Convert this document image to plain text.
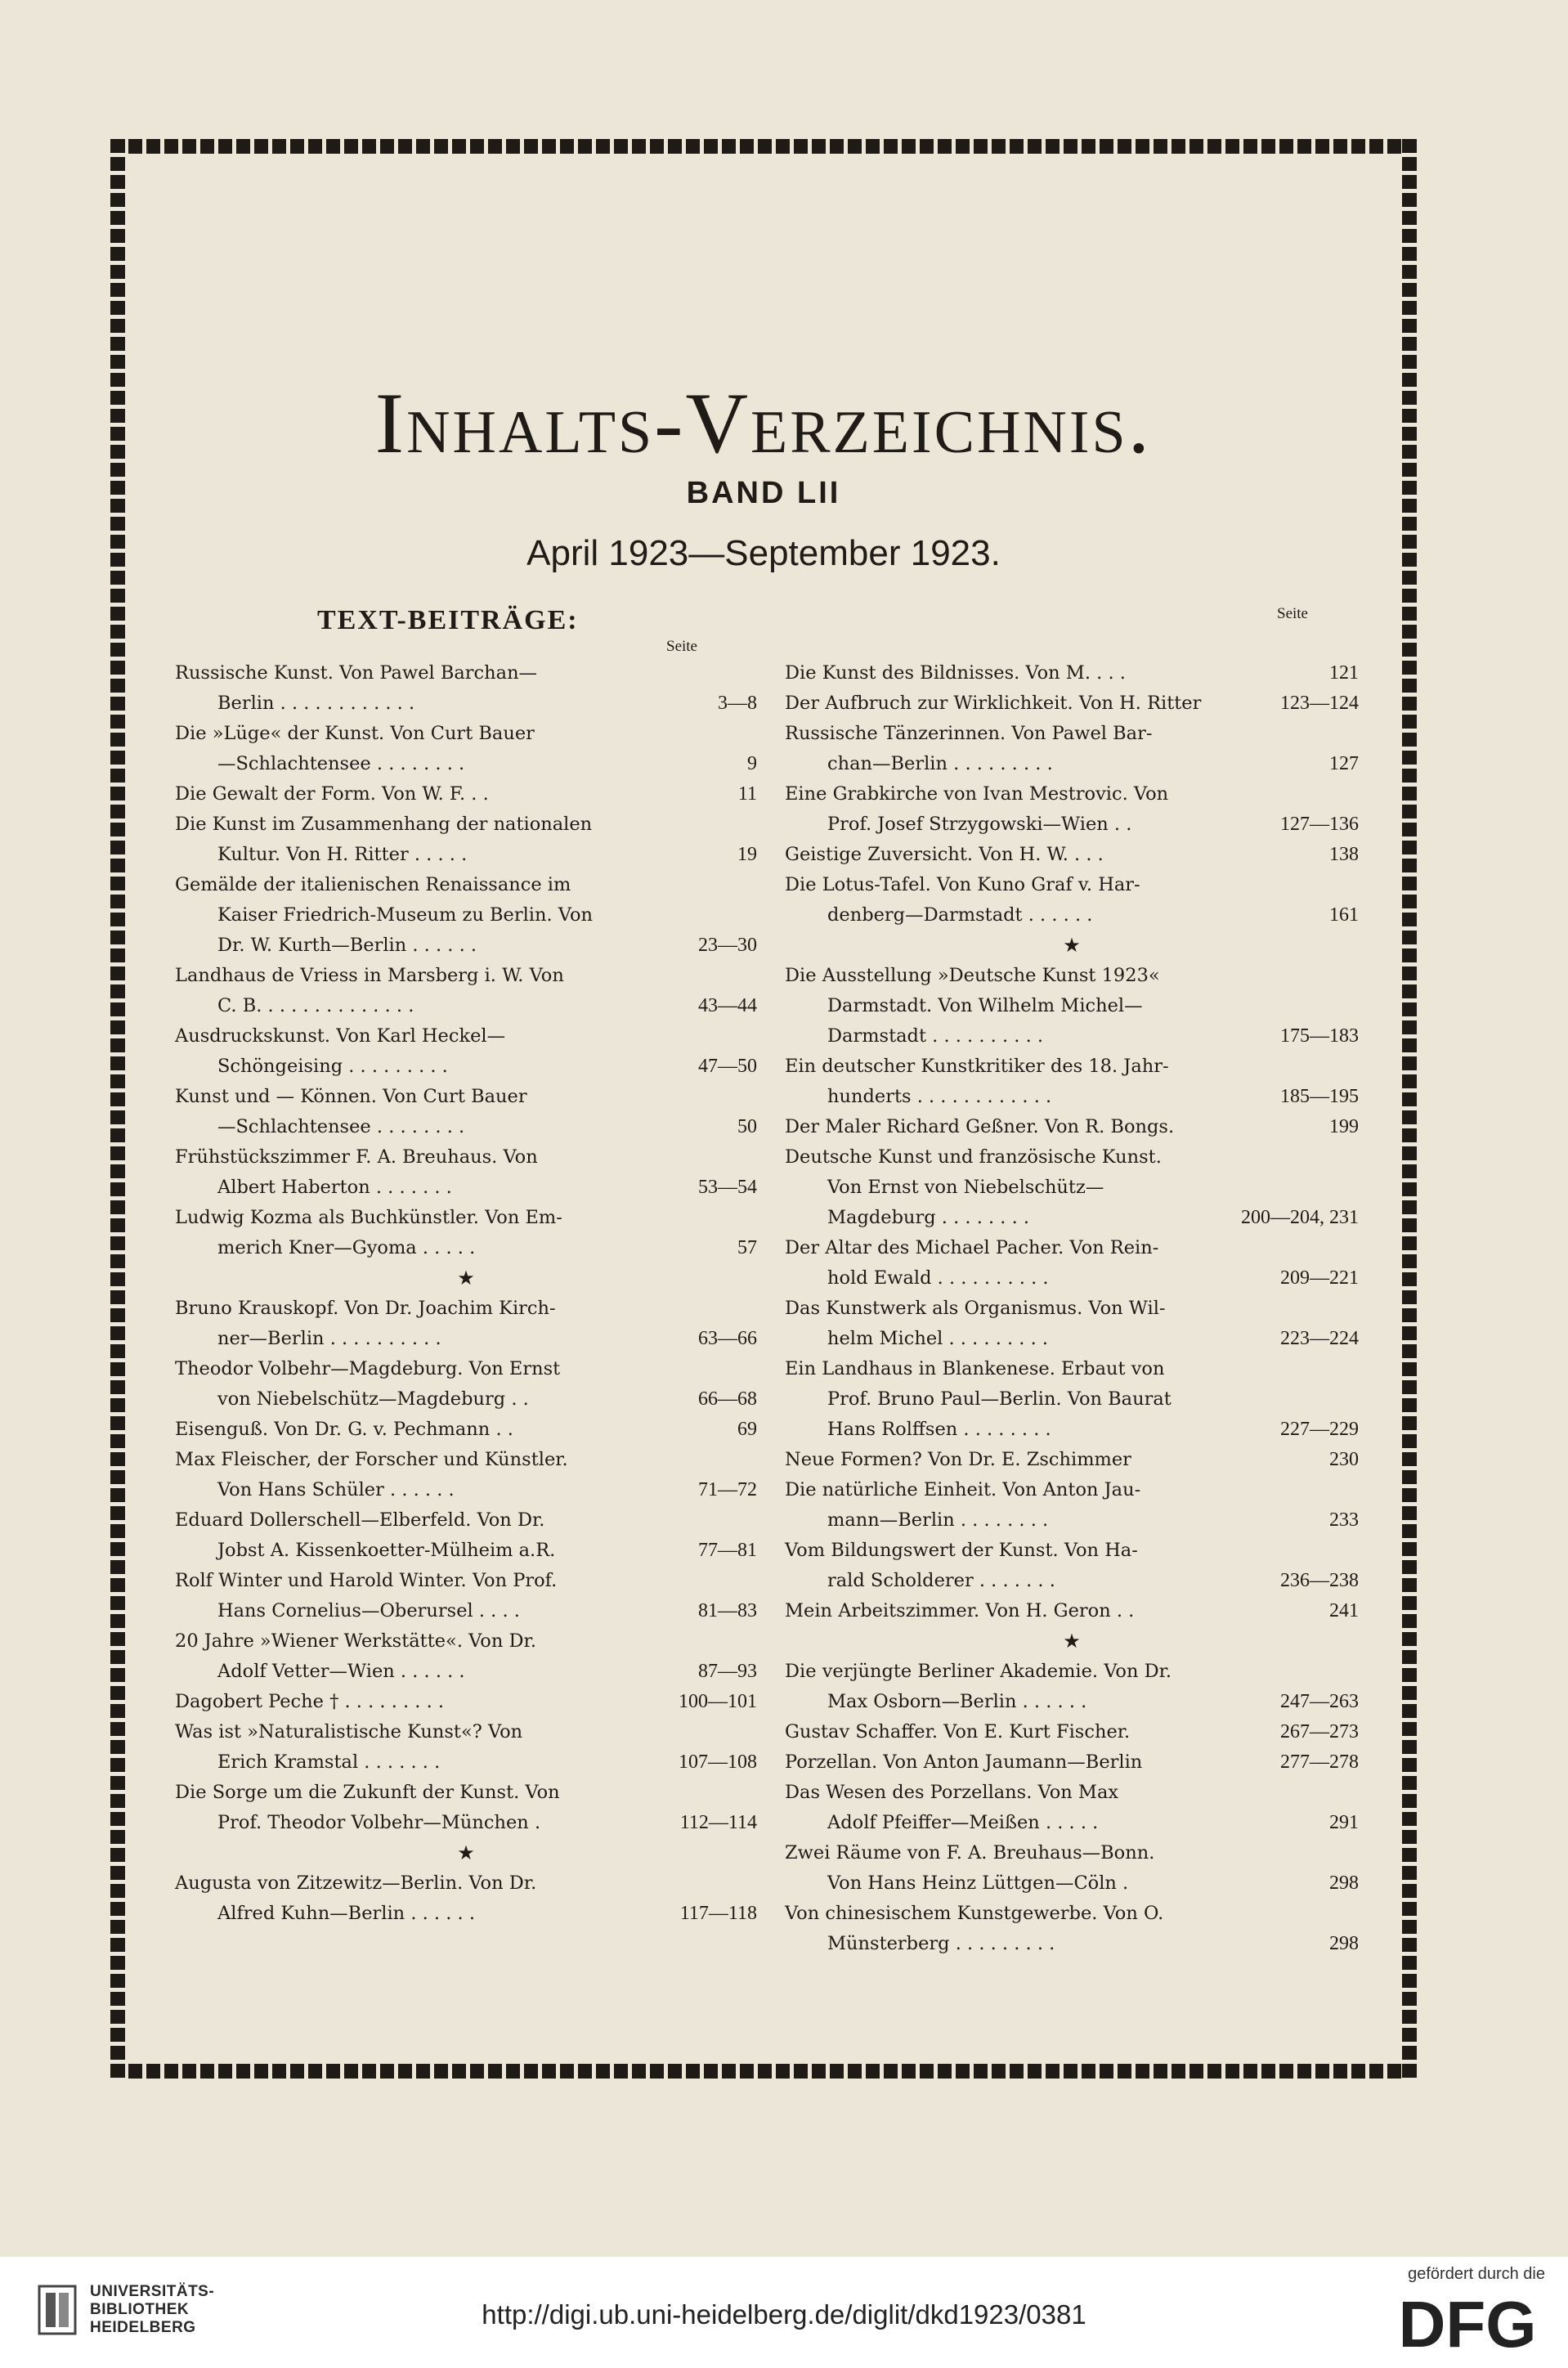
Inhalts-Verzeichnis.
BAND LII
April 1923—September 1923.
TEXT-BEITRÄGE:
Seite
Seite
Russische Kunst. Von Pawel Barchan—
Berlin . . . . . . . . . . . .	3—8
Die »Lüge« der Kunst. Von Curt Bauer
—Schlachtensee . . . . . . . .	9
Die Gewalt der Form. Von W. F. . .	11
Die Kunst im Zusammenhang der nationalen
Kultur. Von H. Ritter . . . . .	19
Gemälde der italienischen Renaissance im
Kaiser Friedrich-Museum zu Berlin. Von
Dr. W. Kurth—Berlin . . . . . .	23—30
Landhaus de Vriess in Marsberg i. W. Von
C. B. . . . . . . . . . . . . .	43—44
Ausdruckskunst. Von Karl Heckel—
Schöngeising . . . . . . . . .	47—50
Kunst und — Können. Von Curt Bauer
—Schlachtensee . . . . . . . .	50
Frühstückszimmer F. A. Breuhaus. Von
Albert Haberton . . . . . . .	53—54
Ludwig Kozma als Buchkünstler. Von Em-
merich Kner—Gyoma . . . . .	57
★
Bruno Krauskopf. Von Dr. Joachim Kirch-
ner—Berlin . . . . . . . . . .	63—66
Theodor Volbehr—Magdeburg. Von Ernst
von Niebelschütz—Magdeburg . .	66—68
Eisenguß. Von Dr. G. v. Pechmann . .	69
Max Fleischer, der Forscher und Künstler.
Von Hans Schüler . . . . . .	71—72
Eduard Dollerschell—Elberfeld. Von Dr.
Jobst A. Kissenkoetter-Mülheim a.R.	77—81
Rolf Winter und Harold Winter. Von Prof.
Hans Cornelius—Oberursel . . . .	81—83
20 Jahre »Wiener Werkstätte«. Von Dr.
Adolf Vetter—Wien . . . . . .	87—93
Dagobert Peche † . . . . . . . . .	100—101
Was ist »Naturalistische Kunst«? Von
Erich Kramstal . . . . . . .	107—108
Die Sorge um die Zukunft der Kunst. Von
Prof. Theodor Volbehr—München .	112—114
★
Augusta von Zitzewitz—Berlin. Von Dr.
Alfred Kuhn—Berlin . . . . . .	117—118
Die Kunst des Bildnisses. Von M. . . .	121
Der Aufbruch zur Wirklichkeit. Von H. Ritter	123—124
Russische Tänzerinnen. Von Pawel Bar-
chan—Berlin . . . . . . . . .	127
Eine Grabkirche von Ivan Mestrovic. Von
Prof. Josef Strzygowski—Wien . .	127—136
Geistige Zuversicht. Von H. W. . . .	138
Die Lotus-Tafel. Von Kuno Graf v. Har-
denberg—Darmstadt . . . . . .	161
★
Die Ausstellung »Deutsche Kunst 1923«
Darmstadt. Von Wilhelm Michel—
Darmstadt . . . . . . . . . .	175—183
Ein deutscher Kunstkritiker des 18. Jahr-
hunderts . . . . . . . . . . . .	185—195
Der Maler Richard Geßner. Von R. Bongs.	199
Deutsche Kunst und französische Kunst.
Von Ernst von Niebelschütz—
Magdeburg . . . . . . . .	200—204, 231
Der Altar des Michael Pacher. Von Rein-
hold Ewald . . . . . . . . . .	209—221
Das Kunstwerk als Organismus. Von Wil-
helm Michel . . . . . . . . .	223—224
Ein Landhaus in Blankenese. Erbaut von
Prof. Bruno Paul—Berlin. Von Baurat
Hans Rolffsen . . . . . . . .	227—229
Neue Formen? Von Dr. E. Zschimmer	230
Die natürliche Einheit. Von Anton Jau-
mann—Berlin . . . . . . . .	233
Vom Bildungswert der Kunst. Von Ha-
rald Scholderer . . . . . . .	236—238
Mein Arbeitszimmer. Von H. Geron . .	241
★
Die verjüngte Berliner Akademie. Von Dr.
Max Osborn—Berlin . . . . . .	247—263
Gustav Schaffer. Von E. Kurt Fischer.	267—273
Porzellan. Von Anton Jaumann—Berlin	277—278
Das Wesen des Porzellans. Von Max
Adolf Pfeiffer—Meißen . . . . .	291
Zwei Räume von F. A. Breuhaus—Bonn.
Von Hans Heinz Lüttgen—Cöln .	298
Von chinesischem Kunstgewerbe. Von O.
Münsterberg . . . . . . . . .	298
UNIVERSITÄTS-
BIBLIOTHEK
HEIDELBERG	http://digi.ub.uni-heidelberg.de/diglit/dkd1923/0381
gefördert durch die
DFG
